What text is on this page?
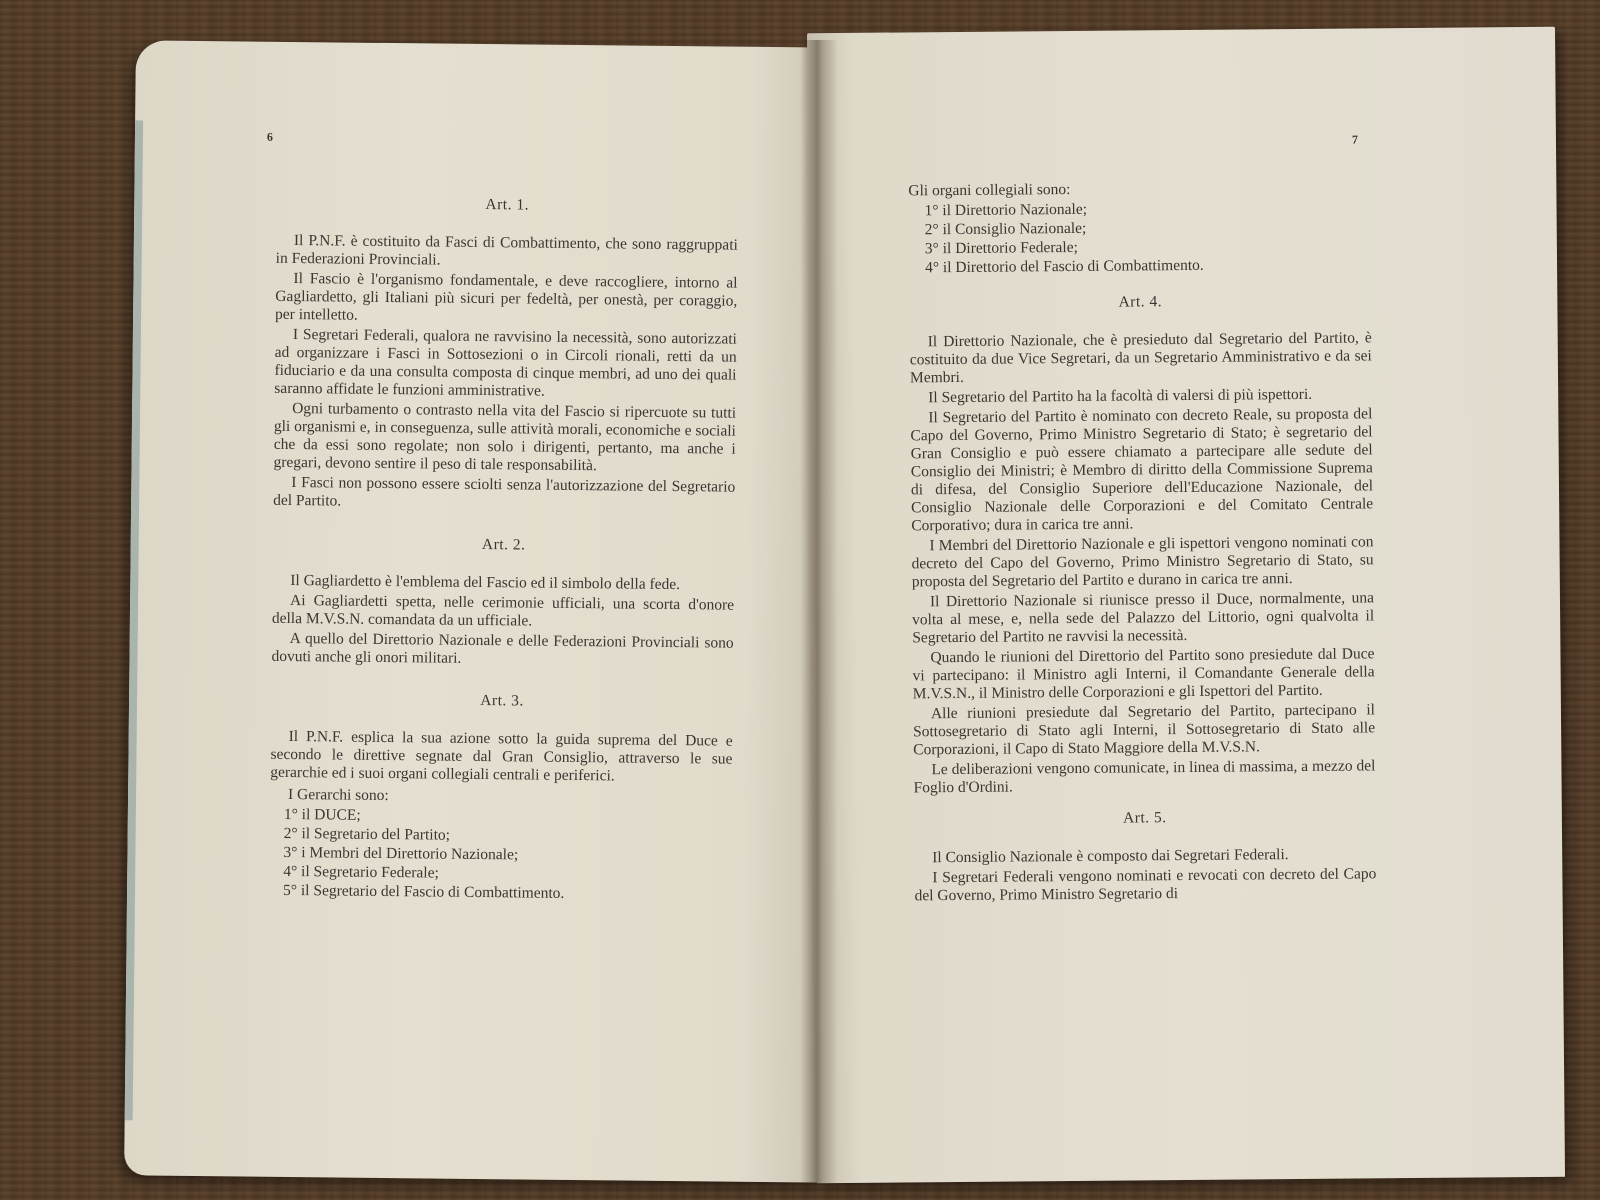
6
Art. 1.

Il P.N.F. è costituito da Fasci di Combattimento, che sono raggruppati in Federazioni Provinciali.

Il Fascio è l'organismo fondamentale, e deve raccogliere, intorno al Gagliardetto, gli Italiani più sicuri per fedeltà, per onestà, per coraggio, per intelletto.

I Segretari Federali, qualora ne ravvisino la necessità, sono autorizzati ad organizzare i Fasci in Sottosezioni o in Circoli rionali, retti da un fiduciario e da una consulta composta di cinque membri, ad uno dei quali saranno affidate le funzioni amministrative.

Ogni turbamento o contrasto nella vita del Fascio si ripercuote su tutti gli organismi e, in conseguenza, sulle attività morali, economiche e sociali che da essi sono regolate; non solo i dirigenti, pertanto, ma anche i gregari, devono sentire il peso di tale responsabilità.

I Fasci non possono essere sciolti senza l'autorizzazione del Segretario del Partito.

Art. 2.

Il Gagliardetto è l'emblema del Fascio ed il simbolo della fede.

Ai Gagliardetti spetta, nelle cerimonie ufficiali, una scorta d'onore della M.V.S.N. comandata da un ufficiale.

A quello del Direttorio Nazionale e delle Federazioni Provinciali sono dovuti anche gli onori militari.

Art. 3.

Il P.N.F. esplica la sua azione sotto la guida suprema del Duce e secondo le direttive segnate dal Gran Consiglio, attraverso le sue gerarchie ed i suoi organi collegiali centrali e periferici.

I Gerarchi sono:

1° il DUCE;
2° il Segretario del Partito;
3° i Membri del Direttorio Nazionale;
4° il Segretario Federale;
5° il Segretario del Fascio di Combattimento.
7

Gli organi collegiali sono:

1° il Direttorio Nazionale;
2° il Consiglio Nazionale;
3° il Direttorio Federale;
4° il Direttorio del Fascio di Combattimento.
Art. 4.

Il Direttorio Nazionale, che è presieduto dal Segretario del Partito, è costituito da due Vice Segretari, da un Segretario Amministrativo e da sei Membri.

Il Segretario del Partito ha la facoltà di valersi di più ispettori.

Il Segretario del Partito è nominato con decreto Reale, su proposta del Capo del Governo, Primo Ministro Segretario di Stato; è segretario del Gran Consiglio e può essere chiamato a partecipare alle sedute del Consiglio dei Ministri; è Membro di diritto della Commissione Suprema di difesa, del Consiglio Superiore dell'Educazione Nazionale, del Consiglio Nazionale delle Corporazioni e del Comitato Centrale Corporativo; dura in carica tre anni.

I Membri del Direttorio Nazionale e gli ispettori vengono nominati con decreto del Capo del Governo, Primo Ministro Segretario di Stato, su proposta del Segretario del Partito e durano in carica tre anni.

Il Direttorio Nazionale si riunisce presso il Duce, normalmente, una volta al mese, e, nella sede del Palazzo del Littorio, ogni qualvolta il Segretario del Partito ne ravvisi la necessità.

Quando le riunioni del Direttorio del Partito sono presiedute dal Duce vi partecipano: il Ministro agli Interni, il Comandante Generale della M.V.S.N., il Ministro delle Corporazioni e gli Ispettori del Partito.

Alle riunioni presiedute dal Segretario del Partito, partecipano il Sottosegretario di Stato agli Interni, il Sottosegretario di Stato alle Corporazioni, il Capo di Stato Maggiore della M.V.S.N.

Le deliberazioni vengono comunicate, in linea di massima, a mezzo del Foglio d'Ordini.

Art. 5.

Il Consiglio Nazionale è composto dai Segretari Federali.

I Segretari Federali vengono nominati e revocati con decreto del Capo del Governo, Primo Ministro Segretario di
